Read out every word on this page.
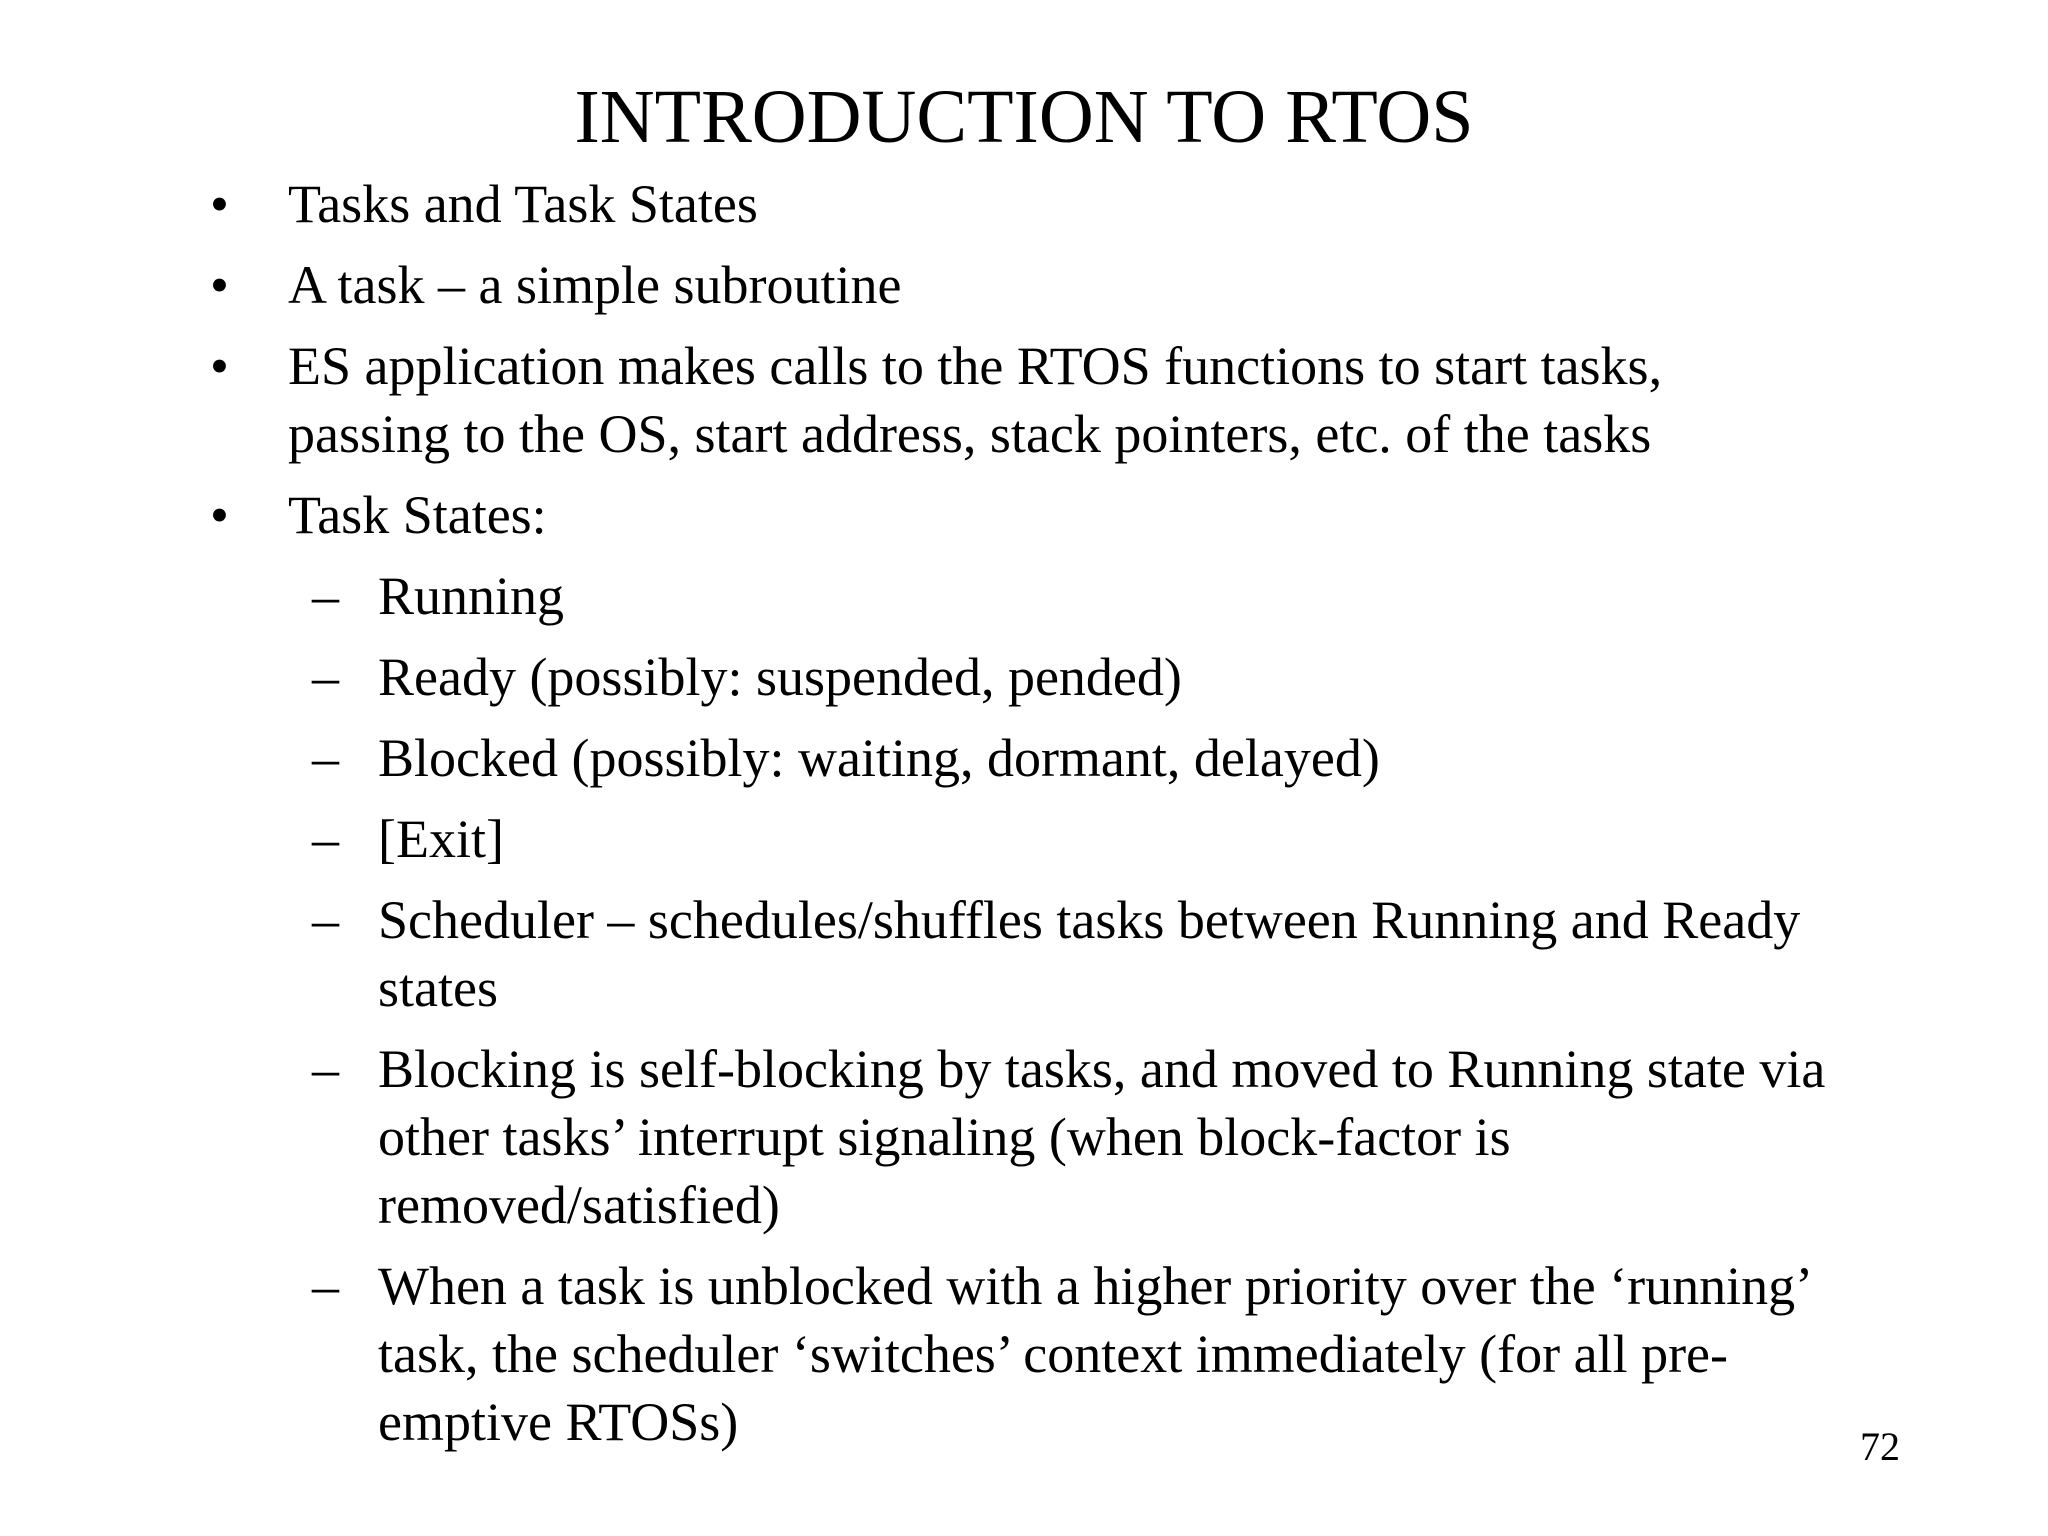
INTRODUCTION TO RTOS
• Tasks and Task States
• A task – a simple subroutine
• ES application makes calls to the RTOS functions to start tasks,
passing to the OS, start address, stack pointers, etc. of the tasks
• Task States:
– Running
– Ready (possibly: suspended, pended)
– Blocked (possibly: waiting, dormant, delayed)
– [Exit]
– Scheduler – schedules/shuffles tasks between Running and Ready
states
– Blocking is self-blocking by tasks, and moved to Running state via
other tasks’ interrupt signaling (when block-factor is
removed/satisfied)
– When a task is unblocked with a higher priority over the ‘running’
task, the scheduler ‘switches’ context immediately (for all pre-
emptive RTOSs)	72
